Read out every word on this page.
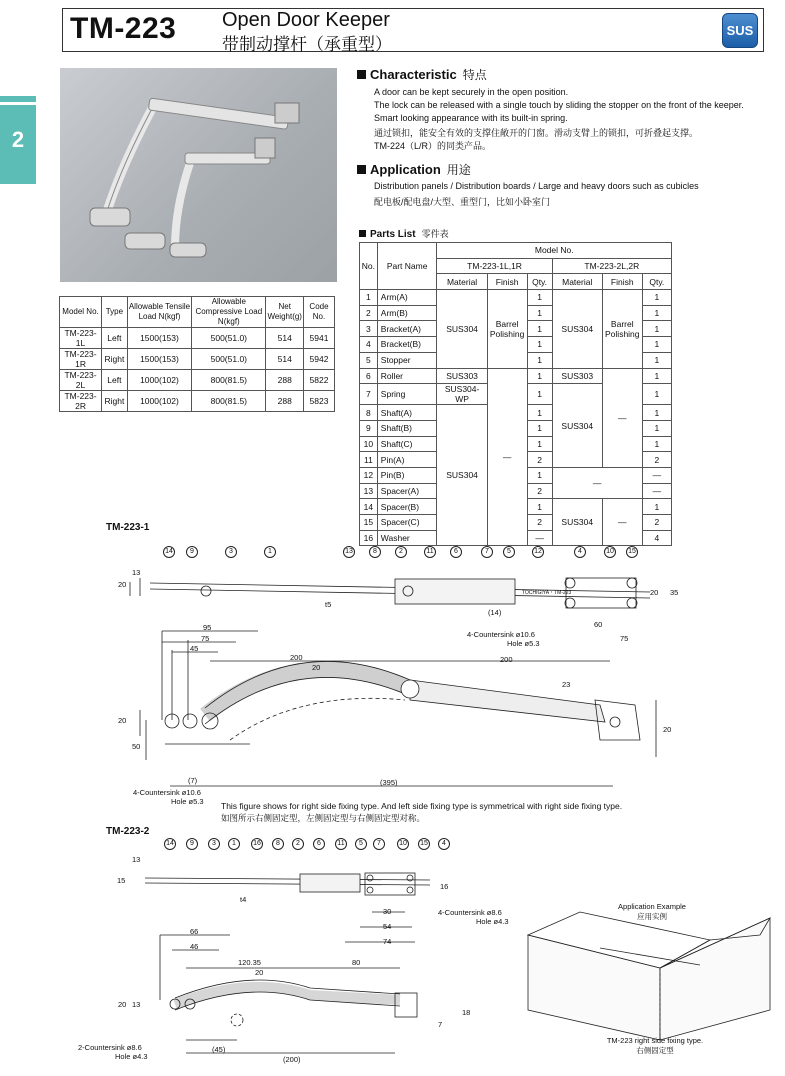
TM-223 Open Door Keeper
带制动撑杆（承重型）
SUS
2
Characteristic 特点
A door can be kept securely in the open position.
The lock can be released with a single touch by sliding the stopper on the front of the keeper.
Smart looking appearance with its built-in spring.
通过锁扣，能安全有效的支撑住敞开的门窗。滑动支臂上的锁扣，可折叠起支撑。
TM-224（L/R）的同类产品。
Application 用途
Distribution panels / Distribution boards / Large and heavy doors such as cubicles
配电板/配电盘/大型、重型门，比如小卧室门
Model No.	Type	Allowable Tensile Load N(kgf)	Allowable Compressive Load N(kgf)	Net Weight(g)	Code No.
TM-223-1L	Left	1500(153)	500(51.0)	514	5941
TM-223-1R	Right	1500(153)	500(51.0)	514	5942
TM-223-2L	Left	1000(102)	800(81.5)	288	5822
TM-223-2R	Right	1000(102)	800(81.5)	288	5823
Parts List 零件表
No.	Part Name	Model No.					
		TM-223-1L,1R			TM-223-2L,2R		
		Material	Finish	Qty.	Material	Finish	Qty.
1	Arm(A)	SUS304	Barrel Polishing	1	SUS304	Barrel Polishing	1
2	Arm(B)			1			1
3	Bracket(A)			1			1
4	Bracket(B)			1			1
5	Stopper			1			1
6	Roller	SUS303	—	1	SUS303	—	1
7	Spring	SUS304-WP		1	SUS304		1
8	Shaft(A)	SUS304		1			1
9	Shaft(B)			1			1
10	Shaft(C)			1			1
11	Pin(A)			2			2
12	Pin(B)			1	—		—
13	Spacer(A)			2			—
14	Spacer(B)			1	SUS304	—	1
15	Spacer(C)			2			2
16	Washer			—			4
TM-223-1
14	9	3	1	13	8	2	11	6	7	5	12	4	10	15
20
13
t5
95
75
45
200
20
200
23
20
50
(7)	(395)
20 35
60
75
(14)
20
4-Countersink ø10.6
Hole ø5.3
4-Countersink ø10.6
Hole ø5.3
TOCHIGIYA・TM-223
This figure shows for right side fixing type. And left side fixing type is symmetrical with right side fixing type.
如图所示右侧固定型，左侧固定型与右侧固定型对称。
TM-223-2
14	9	3	1	16	8	2	6	11	5	7	10	15	4
13
15
t4
16
30
54
74
66
46
120.35
20
80
20 13
7
18
(45)
(200)
4-Countersink ø8.6
Hole ø4.3
2-Countersink ø8.6
Hole ø4.3
Application Example
应用实例
TM-223 right side fixing type.
右侧固定型
